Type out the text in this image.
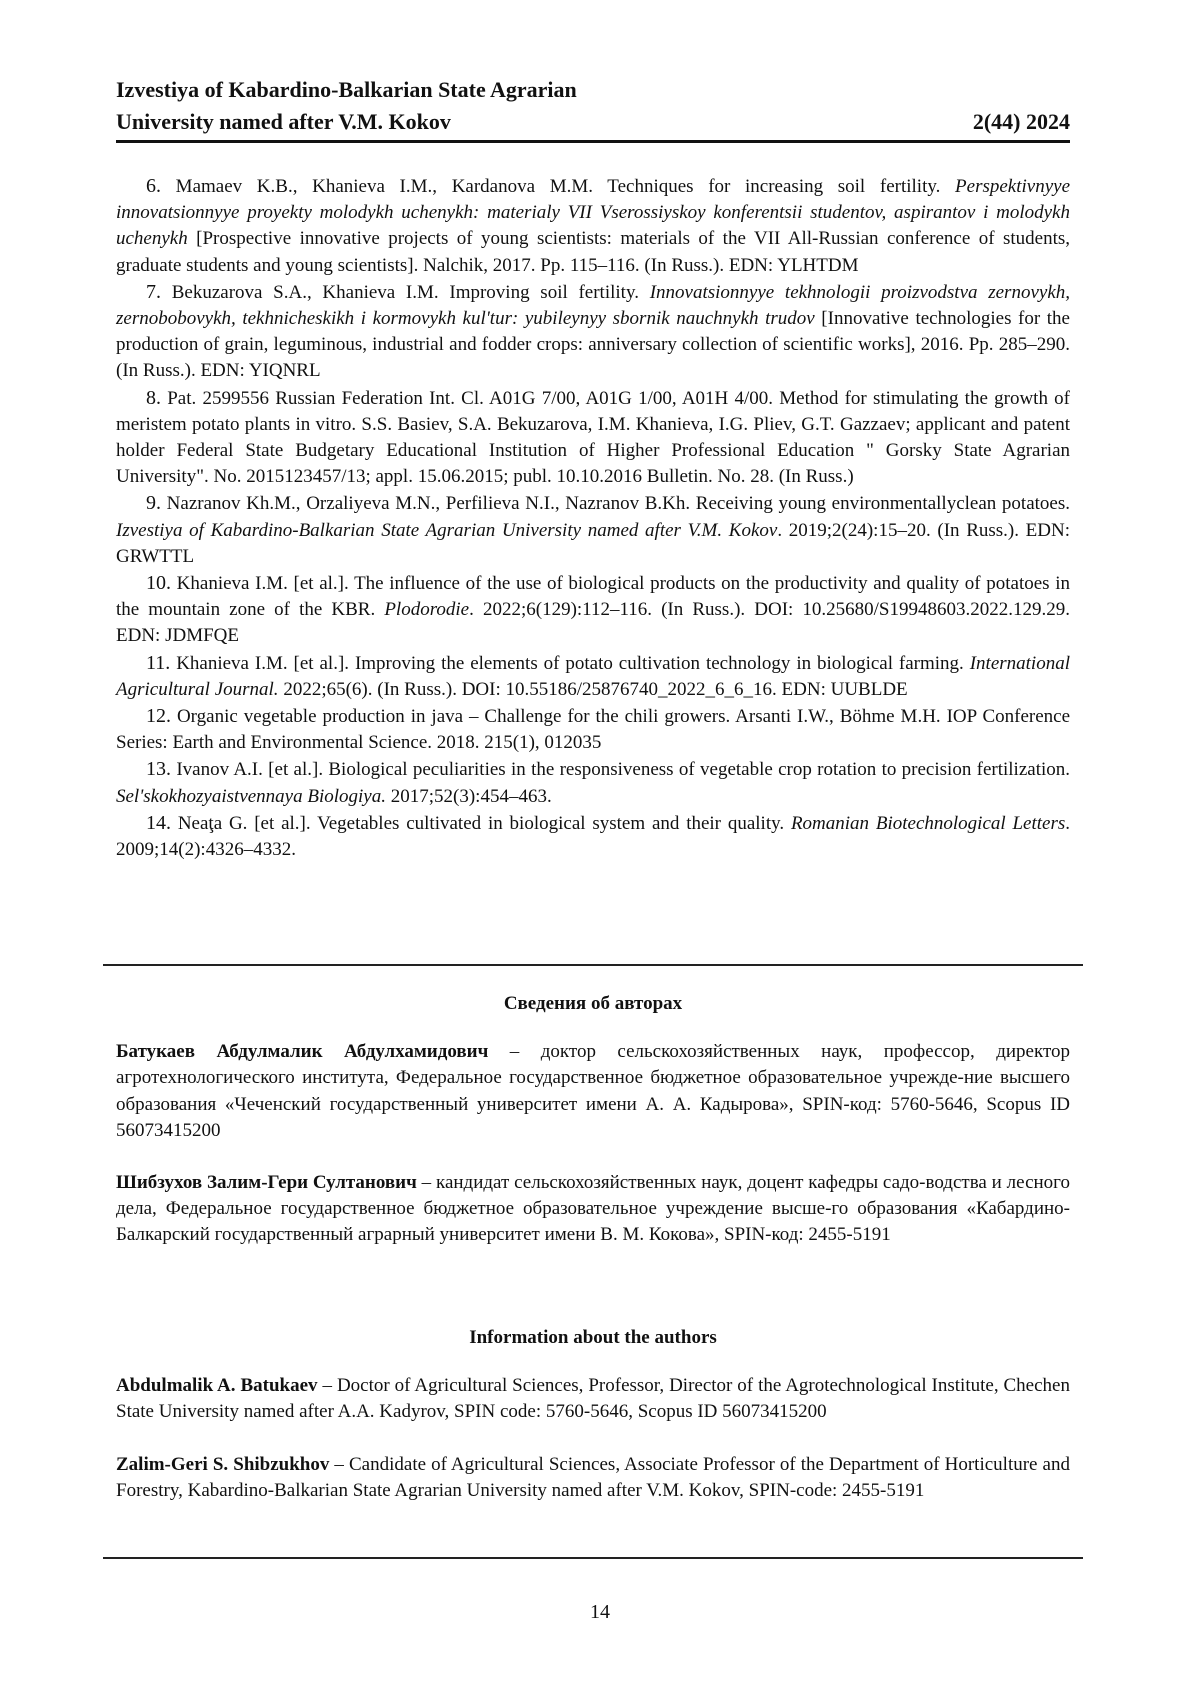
Izvestiya of Kabardino-Balkarian State Agrarian
University named after V.M. Kokov	2(44) 2024

6. Mamaev K.B., Khanieva I.M., Kardanova M.M. Techniques for increasing soil fertility. Perspektivnyye innovatsionnyye proyekty molodykh uchenykh: materialy VII Vserossiyskoy konferentsii studentov, aspirantov i molodykh uchenykh [Prospective innovative projects of young scientists: materials of the VII All-Russian conference of students, graduate students and young scientists]. Nalchik, 2017. Pp. 115–116. (In Russ.). EDN: YLHTDM

7. Bekuzarova S.A., Khanieva I.M. Improving soil fertility. Innovatsionnyye tekhnologii proizvodstva zernovykh, zernobobovykh, tekhnicheskikh i kormovykh kul'tur: yubileynyy sbornik nauchnykh trudov [Innovative technologies for the production of grain, leguminous, industrial and fodder crops: anniversary collection of scientific works], 2016. Pp. 285–290. (In Russ.). EDN: YIQNRL

8. Pat. 2599556 Russian Federation Int. Cl. A01G 7/00, A01G 1/00, A01H 4/00. Method for stimulating the growth of meristem potato plants in vitro. S.S. Basiev, S.A. Bekuzarova, I.M. Khanieva, I.G. Pliev, G.T. Gazzaev; applicant and patent holder Federal State Budgetary Educational Institution of Higher Professional Education " Gorsky State Agrarian University". No. 2015123457/13; appl. 15.06.2015; publ. 10.10.2016 Bulletin. No. 28. (In Russ.)

9. Nazranov Kh.M., Orzaliyeva M.N., Perfilieva N.I., Nazranov B.Kh. Receiving young environmentallyclean potatoes. Izvestiya of Kabardino-Balkarian State Agrarian University named after V.M. Kokov. 2019;2(24):15–20. (In Russ.). EDN: GRWTTL

10. Khanieva I.M. [et al.]. The influence of the use of biological products on the productivity and quality of potatoes in the mountain zone of the KBR. Plodorodie. 2022;6(129):112–116. (In Russ.). DOI: 10.25680/S19948603.2022.129.29. EDN: JDMFQE

11. Khanieva I.M. [et al.]. Improving the elements of potato cultivation technology in biological farming. International Agricultural Journal. 2022;65(6). (In Russ.). DOI: 10.55186/25876740_2022_6_6_16. EDN: UUBLDE

12. Organic vegetable production in java – Challenge for the chili growers. Arsanti I.W., Böhme M.H. IOP Conference Series: Earth and Environmental Science. 2018. 215(1), 012035

13. Ivanov A.I. [et al.]. Biological peculiarities in the responsiveness of vegetable crop rotation to precision fertilization. Sel'skokhozyaistvennaya Biologiya. 2017;52(3):454–463.

14. Neaţa G. [et al.]. Vegetables cultivated in biological system and their quality. Romanian Biotechnological Letters. 2009;14(2):4326–4332.

Сведения об авторах

Батукаев Абдулмалик Абдулхамидович – доктор сельскохозяйственных наук, профессор, директор агротехнологического института, Федеральное государственное бюджетное образовательное учрежде-ние высшего образования «Чеченский государственный университет имени А. А. Кадырова», SPIN-код: 5760-5646, Scopus ID 56073415200

Шибзухов Залим-Гери Султанович – кандидат сельскохозяйственных наук, доцент кафедры садо-водства и лесного дела, Федеральное государственное бюджетное образовательное учреждение высше-го образования «Кабардино-Балкарский государственный аграрный университет имени В. М. Кокова», SPIN-код: 2455-5191

Information about the authors

Abdulmalik A. Batukaev – Doctor of Agricultural Sciences, Professor, Director of the Agrotechnological Institute, Chechen State University named after A.A. Kadyrov, SPIN code: 5760-5646, Scopus ID 56073415200

Zalim-Geri S. Shibzukhov – Candidate of Agricultural Sciences, Associate Professor of the Department of Horticulture and Forestry, Kabardino-Balkarian State Agrarian University named after V.M. Kokov, SPIN-code: 2455-5191

14
